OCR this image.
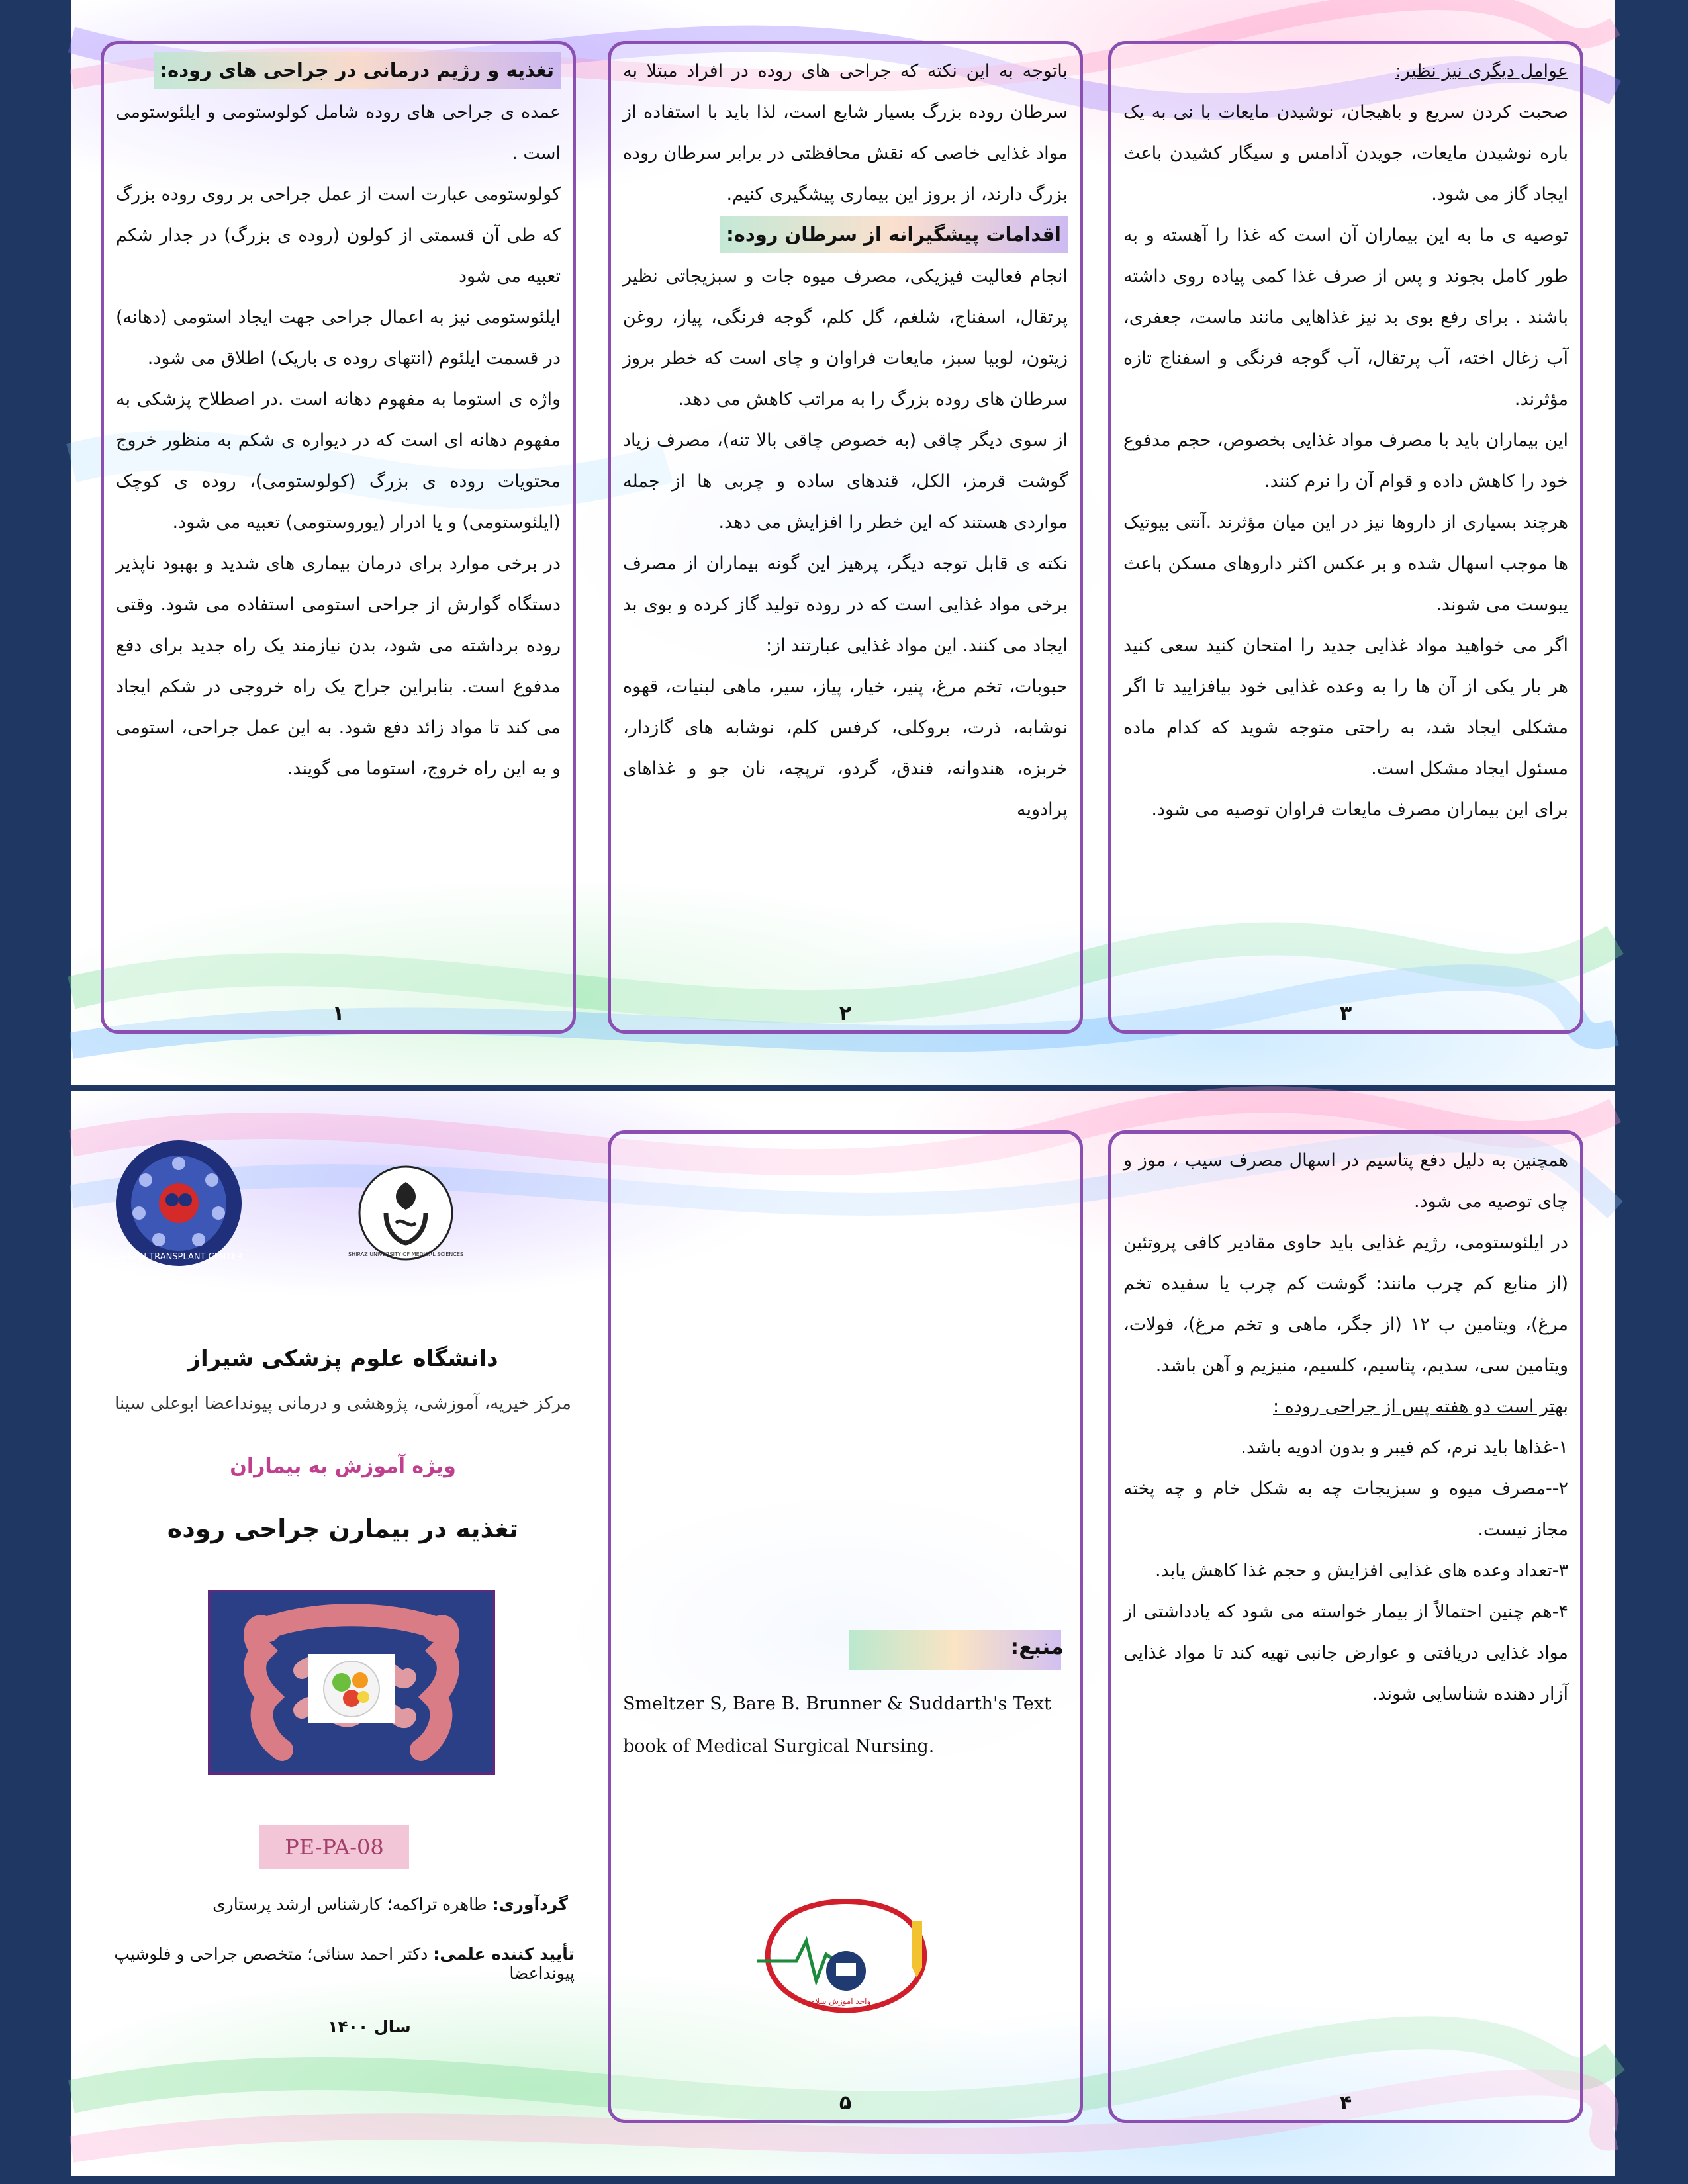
تغذیه و رژیم درمانی در جراحی های روده:

عمده ی جراحی های روده شامل کولوستومی و ایلئوستومی است .

کولوستومی عبارت است از عمل جراحی بر روی روده بزرگ که طی آن قسمتی از کولون (روده ی بزرگ) در جدار شکم تعبیه می شود

ایلئوستومی نیز به اعمال جراحی جهت ایجاد استومی (دهانه) در قسمت ایلئوم (انتهای روده ی باریک) اطلاق می شود.

واژه ی استوما به مفهوم دهانه است .در اصطلاح پزشکی به مفهوم دهانه ای است که در دیواره ی شکم به منظور خروج محتویات روده ی بزرگ (کولوستومی)، روده ی کوچک (ایلئوستومی) و یا ادرار (یوروستومی) تعبیه می شود.

در برخی موارد برای درمان بیماری های شدید و بهبود ناپذیر دستگاه گوارش از جراحی استومی استفاده می شود. وقتی روده برداشته می شود، بدن نیازمند یک راه جدید برای دفع مدفوع است. بنابراین جراح یک راه خروجی در شکم ایجاد می کند تا مواد زائد دفع شود. به این عمل جراحی، استومی و به این راه خروج، استوما می گویند.

۱

باتوجه به این نکته که جراحی های روده در افراد مبتلا به سرطان روده بزرگ بسیار شایع است، لذا باید با استفاده از مواد غذایی خاصی که نقش محافظتی در برابر سرطان روده بزرگ دارند، از بروز این بیماری پیشگیری کنیم.

اقدامات پیشگیرانه از سرطان روده:

انجام فعالیت فیزیکی، مصرف میوه جات و سبزیجاتی نظیر پرتقال، اسفناج، شلغم، گل کلم، گوجه فرنگی، پیاز، روغن زیتون، لوبیا سبز، مایعات فراوان و چای است که خطر بروز سرطان های روده بزرگ را به مراتب کاهش می دهد.

از سوی دیگر چاقی (به خصوص چاقی بالا تنه)، مصرف زیاد گوشت قرمز، الکل، قندهای ساده و چربی ها از جمله مواردی هستند که این خطر را افزایش می دهد.

نکته ی قابل توجه دیگر، پرهیز این گونه بیماران از مصرف برخی مواد غذایی است که در روده تولید گاز کرده و بوی بد ایجاد می کنند. این مواد غذایی عبارتند از:

حبوبات، تخم مرغ، پنیر، خیار، پیاز، سیر، ماهی لبنیات، قهوه نوشابه، ذرت، بروکلی، کرفس کلم، نوشابه های گازدار، خربزه، هندوانه، فندق، گردو، ترپچه، نان جو و غذاهای پرادویه

۲

عوامل دیگری نیز نظیر:

صحبت کردن سریع و باهیجان، نوشیدن مایعات با نی به یک باره نوشیدن مایعات، جویدن آدامس و سیگار کشیدن باعث ایجاد گاز می شود.

توصیه ی ما به این بیماران آن است که غذا را آهسته و به طور کامل بجوند و پس از صرف غذا کمی پیاده روی داشته باشند . برای رفع بوی بد نیز غذاهایی مانند ماست، جعفری، آب زغال اخته، آب پرتقال، آب گوجه فرنگی و اسفناج تازه مؤثرند.

این بیماران باید با مصرف مواد غذایی بخصوص، حجم مدفوع خود را کاهش داده و قوام آن را نرم کنند.

هرچند بسیاری از داروها نیز در این میان مؤثرند .آنتی بیوتیک ها موجب اسهال شده و بر عکس اکثر داروهای مسکن باعث یبوست می شوند.

اگر می خواهید مواد غذایی جدید را امتحان کنید سعی کنید هر بار یکی از آن ها را به وعده غذایی خود بیافزایید تا اگر مشکلی ایجاد شد، به راحتی متوجه شوید که کدام ماده مسئول ایجاد مشکل است.

برای این بیماران مصرف مایعات فراوان توصیه می شود.

۳
ORGAN TRANSPLANT CENTER	SHIRAZ UNIVERSITY OF MEDICAL SCIENCES
دانشگاه علوم پزشکی شیراز
مرکز خیریه، آموزشی، پژوهشی و درمانی پیونداعضا ابوعلی سینا
ویژه آموزش به بیماران
تغذیه در بیمارن جراحی روده
PE-PA-08
گردآوری: طاهره تراکمه؛ کارشناس ارشد پرستاری
تأیید کننده علمی: دکتر احمد سنائی؛ متخصص جراحی و فلوشیپ پیونداعضا
سال ۱۴۰۰
منبع:
Smeltzer S, Bare B. Brunner & Suddarth's Text book of Medical Surgical Nursing.
واحد آموزش سلامت
۵

همچنین به دلیل دفع پتاسیم در اسهال مصرف سیب ، موز و چای توصیه می شود.

در ایلئوستومی، رژیم غذایی باید حاوی مقادیر کافی پروتئین (از منابع کم چرب مانند: گوشت کم چرب یا سفیده تخم مرغ)، ویتامین ب ۱۲ (از جگر، ماهی و تخم مرغ)، فولات، ویتامین سی، سدیم، پتاسیم، کلسیم، منیزیم و آهن باشد.

بهتر است دو هفته پس از جراحی روده :

۱-غذاها باید نرم، کم فیبر و بدون ادویه باشد.

۲--مصرف میوه و سبزیجات چه به شکل خام و چه پخته مجاز نیست.

۳-تعداد وعده های غذایی افزایش و حجم غذا کاهش یابد.

۴-هم چنین احتمالاً از بیمار خواسته می شود که یادداشتی از مواد غذایی دریافتی و عوارض جانبی تهیه کند تا مواد غذایی آزار دهنده شناسایی شوند.

۴
